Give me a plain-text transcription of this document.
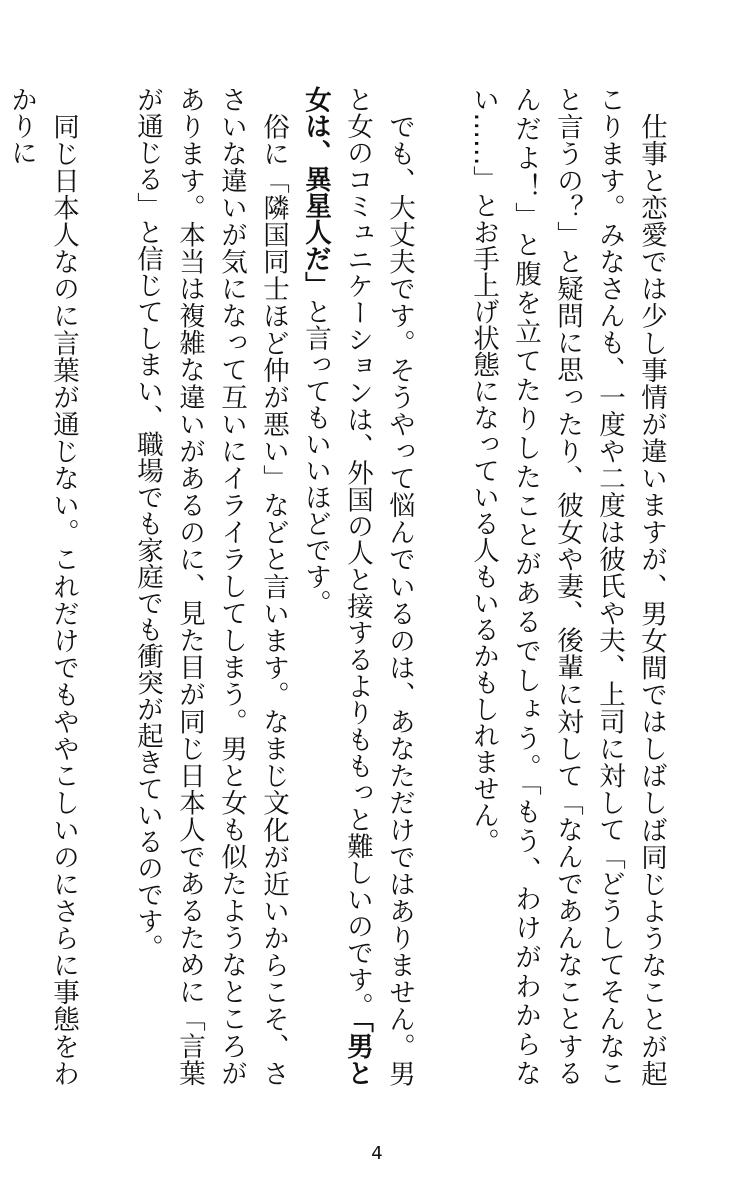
仕事と恋愛では少し事情が違いますが、男女間ではしばしば同じようなことが起こります。みなさんも、一度や二度は彼氏や夫、上司に対して「どうしてそんなこと言うの？」と疑問に思ったり、彼女や妻、後輩に対して「なんであんなことするんだよ！」と腹を立てたりしたことがあるでしょう。「もう、わけがわからない……」とお手上げ状態になっている人もいるかもしれません。

でも、大丈夫です。そうやって悩んでいるのは、あなただけではありません。男と女のコミュニケーションは、外国の人と接するよりももっと難しいのです。「男と女は、異星人だ」と言ってもいいほどです。

俗に「隣国同士ほど仲が悪い」などと言います。なまじ文化が近いからこそ、ささいな違いが気になって互いにイライラしてしまう。男と女も似たようなところがあります。本当は複雑な違いがあるのに、見た目が同じ日本人であるために「言葉が通じる」と信じてしまい、職場でも家庭でも衝突が起きているのです。

同じ日本人なのに言葉が通じない。これだけでもややこしいのにさらに事態をわかりに

4
